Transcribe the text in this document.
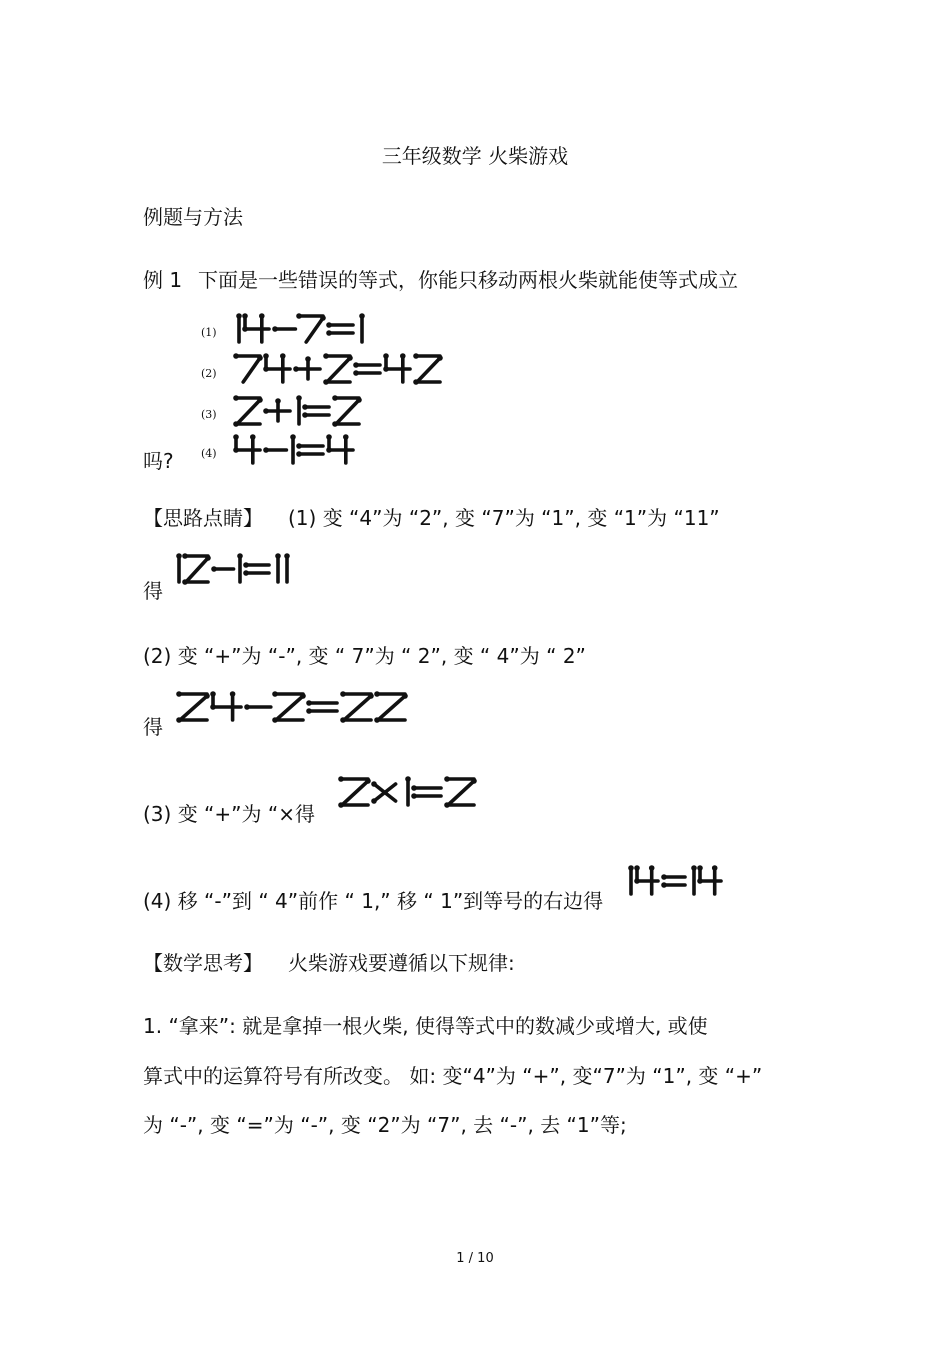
三年级数学 火柴游戏
例题与方法
例 1 下面是一些错误的等式，你能只移动两根火柴就能使等式成立
(1)
(2)
(3)
(4)
吗?
【思路点睛】 (1) 变 “4”为 “2”, 变 “7”为 “1”, 变 “1”为 “11”
得
(2) 变 “+”为 “-”, 变 “ 7”为 “ 2”, 变 “ 4”为 “ 2”
得
(3) 变 “+”为 “×得
(4) 移 “-”到 “ 4”前作 “ 1,” 移 “ 1”到等号的右边得
【数学思考】 火柴游戏要遵循以下规律:
1. “拿来”: 就是拿掉一根火柴, 使得等式中的数减少或增大, 或使
算式中的运算符号有所改变。 如: 变“4”为 “+”, 变“7”为 “1”, 变 “+”
为 “-”, 变 “=”为 “-”, 变 “2”为 “7”, 去 “-”, 去 “1”等;
1 / 10
